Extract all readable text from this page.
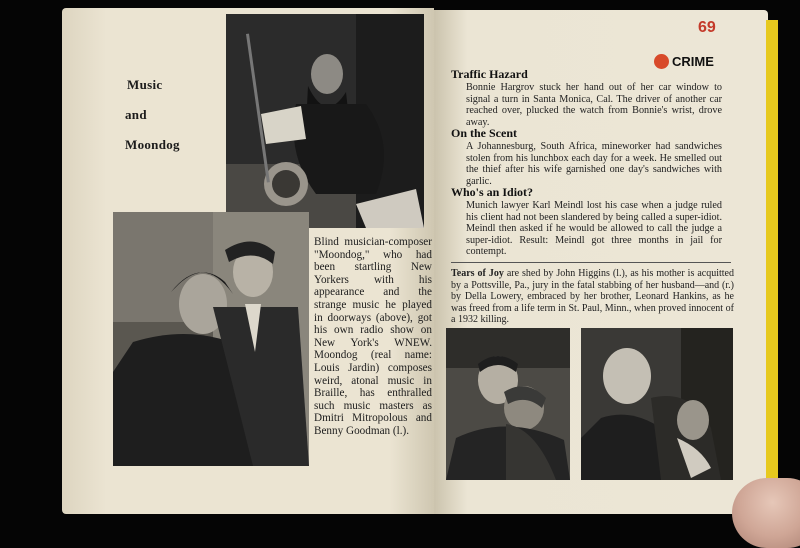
Music
and
Moondog
Blind musician-composer "Moondog," who had been startling New Yorkers with his appearance and the strange music he played in doorways (above), got his own radio show on New York's WNEW. Moondog (real name: Louis Jardin) composes weird, atonal music in Braille, has enthralled such music masters as Dmitri Mitropolous and Benny Goodman (l.).
69
CRIME
Traffic Hazard
Bonnie Hargrov stuck her hand out of her car window to signal a turn in Santa Monica, Cal. The driver of another car reached over, plucked the watch from Bonnie's wrist, drove away.
On the Scent
A Johannesburg, South Africa, mineworker had sandwiches stolen from his lunchbox each day for a week. He smelled out the thief after his wife garnished one day's sandwiches with garlic.
Who's an Idiot?
Munich lawyer Karl Meindl lost his case when a judge ruled his client had not been slandered by being called a super-idiot. Meindl then asked if he would be allowed to call the judge a super-idiot. Result: Meindl got three months in jail for contempt.
Tears of Joy are shed by John Higgins (l.), as his mother is acquitted by a Pottsville, Pa., jury in the fatal stabbing of her husband—and (r.) by Della Lowery, embraced by her brother, Leonard Hankins, as he was freed from a life term in St. Paul, Minn., when proved innocent of a 1932 killing.
